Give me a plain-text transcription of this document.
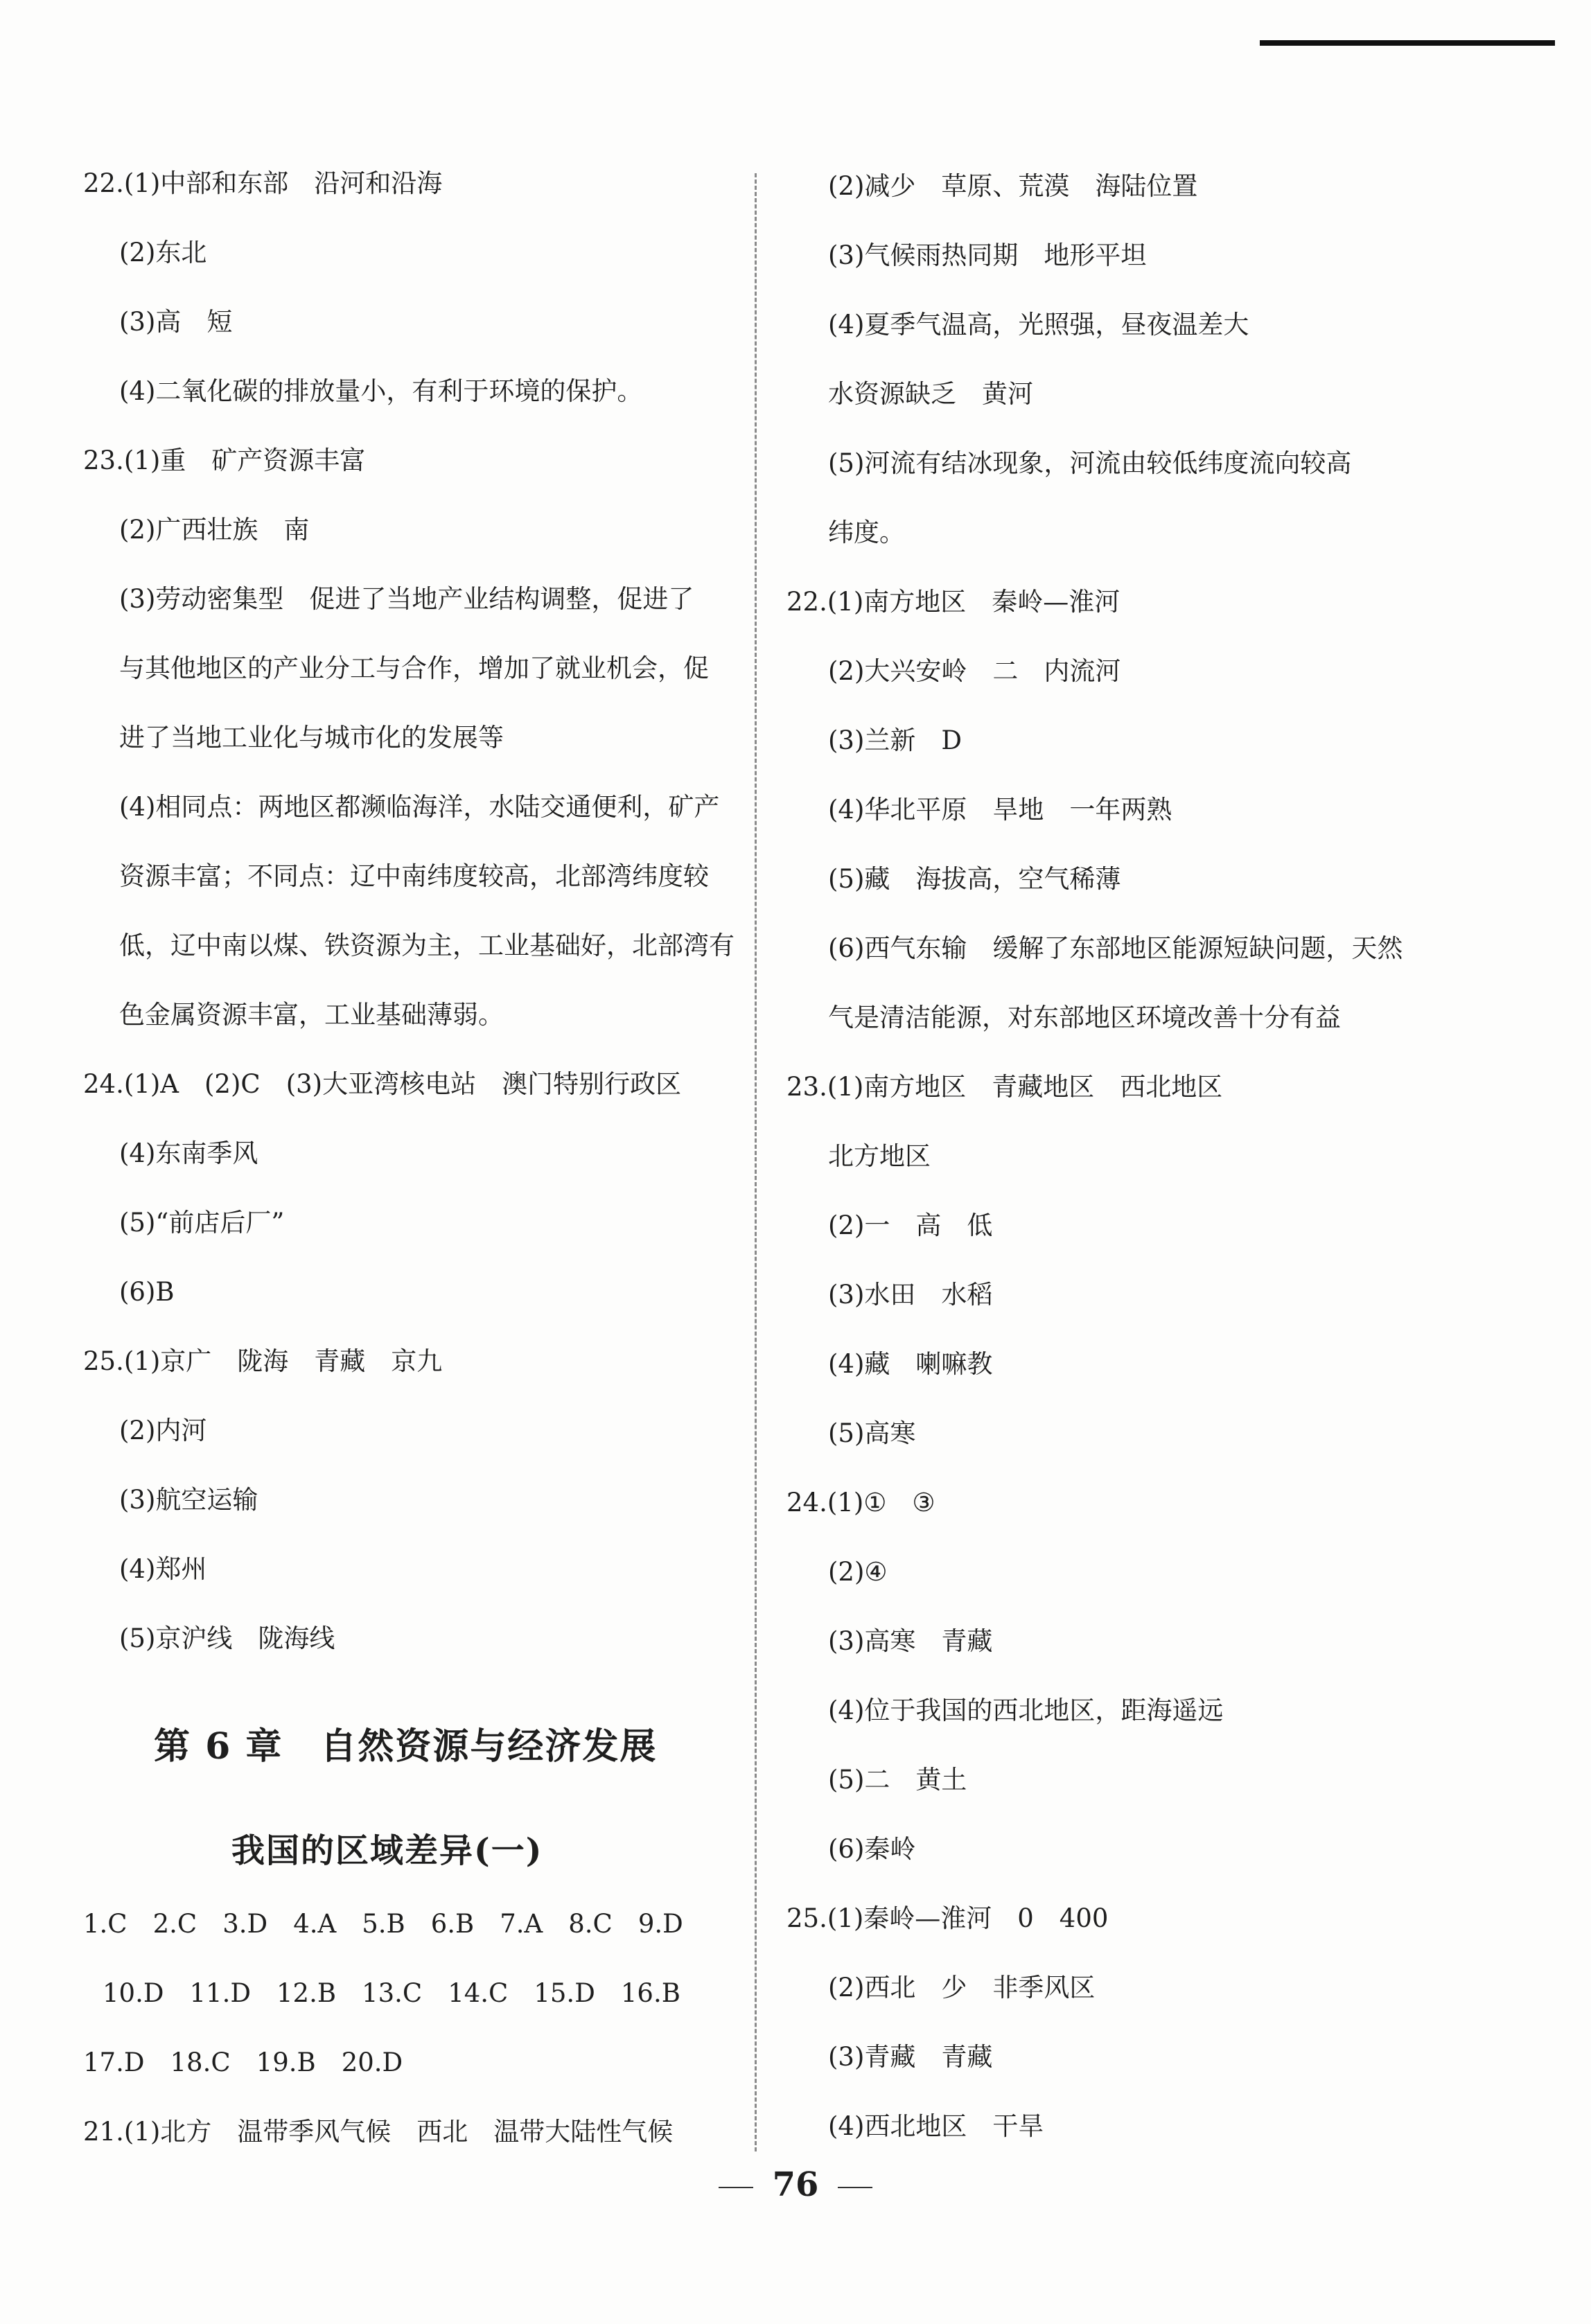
22.(1)中部和东部　沿河和沿海
(2)东北
(3)高　短
(4)二氧化碳的排放量小，有利于环境的保护。
23.(1)重　矿产资源丰富
(2)广西壮族　南
(3)劳动密集型　促进了当地产业结构调整，促进了
与其他地区的产业分工与合作，增加了就业机会，促
进了当地工业化与城市化的发展等
(4)相同点：两地区都濒临海洋，水陆交通便利，矿产
资源丰富；不同点：辽中南纬度较高，北部湾纬度较
低，辽中南以煤、铁资源为主，工业基础好，北部湾有
色金属资源丰富，工业基础薄弱。
24.(1)A　(2)C　(3)大亚湾核电站　澳门特别行政区
(4)东南季风
(5)“前店后厂”
(6)B
25.(1)京广　陇海　青藏　京九
(2)内河
(3)航空运输
(4)郑州
(5)京沪线　陇海线
第 6 章　自然资源与经济发展
我国的区域差异(一)
1.C　2.C　3.D　4.A　5.B　6.B　7.A　8.C　9.D
10.D　11.D　12.B　13.C　14.C　15.D　16.B
17.D　18.C　19.B　20.D
21.(1)北方　温带季风气候　西北　温带大陆性气候
(2)减少　草原、荒漠　海陆位置
(3)气候雨热同期　地形平坦
(4)夏季气温高，光照强，昼夜温差大
水资源缺乏　黄河
(5)河流有结冰现象，河流由较低纬度流向较高
纬度。
22.(1)南方地区　秦岭—淮河
(2)大兴安岭　二　内流河
(3)兰新　D
(4)华北平原　旱地　一年两熟
(5)藏　海拔高，空气稀薄
(6)西气东输　缓解了东部地区能源短缺问题，天然
气是清洁能源，对东部地区环境改善十分有益
23.(1)南方地区　青藏地区　西北地区
北方地区
(2)一　高　低
(3)水田　水稻
(4)藏　喇嘛教
(5)高寒
24.(1)①　③
(2)④
(3)高寒　青藏
(4)位于我国的西北地区，距海遥远
(5)二　黄土
(6)秦岭
25.(1)秦岭—淮河　0　400
(2)西北　少　非季风区
(3)青藏　青藏
(4)西北地区　干旱
76
